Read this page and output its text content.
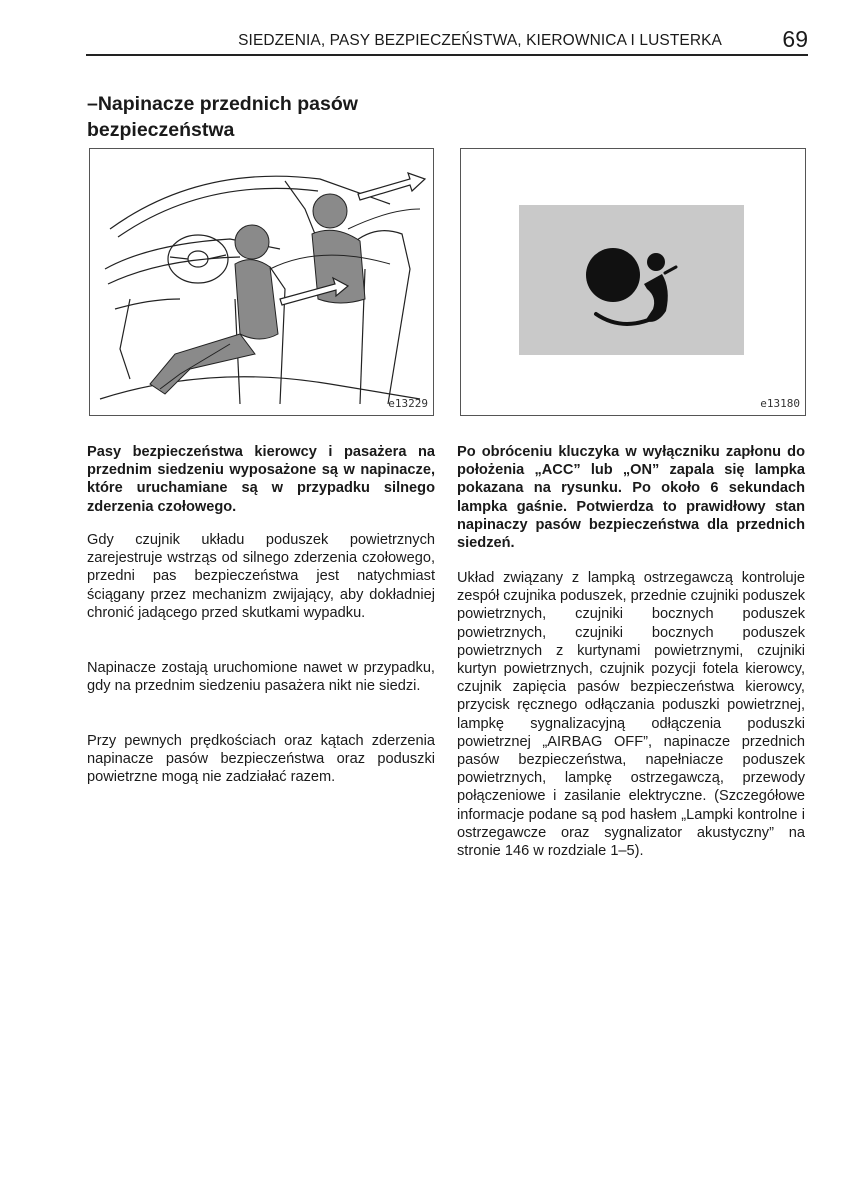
SIEDZENIA, PASY BEZPIECZEŃSTWA, KIEROWNICA I LUSTERKA	69
–Napinacze przednich pasów
bezpieczeństwa
e13229	e13180

Pasy bezpieczeństwa kierowcy i pasażera na przednim siedzeniu wyposażone są w napinacze, które uruchamiane są w przypadku silnego zderzenia czołowego.

Gdy czujnik układu poduszek powietrznych zarejestruje wstrząs od silnego zderzenia czołowego, przedni pas bezpieczeństwa jest natychmiast ściągany przez mechanizm zwijający, aby dokładniej chronić jadącego przed skutkami wypadku.

Napinacze zostają uruchomione nawet w przypadku, gdy na przednim siedzeniu pasażera nikt nie siedzi.

Przy pewnych prędkościach oraz kątach zderzenia napinacze pasów bezpieczeństwa oraz poduszki powietrzne mogą nie zadziałać razem.

Po obróceniu kluczyka w wyłączniku zapłonu do położenia „ACC” lub „ON” zapala się lampka pokazana na rysunku. Po około 6 sekundach lampka gaśnie. Potwierdza to prawidłowy stan napinaczy pasów bezpieczeństwa dla przednich siedzeń.

Układ związany z lampką ostrzegawczą kontroluje zespół czujnika poduszek, przednie czujniki poduszek powietrznych, czujniki bocznych poduszek powietrznych, czujniki bocznych poduszek powietrznych z kurtynami powietrznymi, czujniki kurtyn powietrznych, czujnik pozycji fotela kierowcy, czujnik zapięcia pasów bezpieczeństwa kierowcy, przycisk ręcznego odłączania poduszki powietrznej, lampkę sygnalizacyjną odłączenia poduszki powietrznej „AIRBAG OFF”, napinacze przednich pasów bezpieczeństwa, napełniacze poduszek powietrznych, lampkę ostrzegawczą, przewody połączeniowe i zasilanie elektryczne. (Szczegółowe informacje podane są pod hasłem „Lampki kontrolne i ostrzegawcze oraz sygnalizator akustyczny” na stronie 146 w rozdziale 1–5).
